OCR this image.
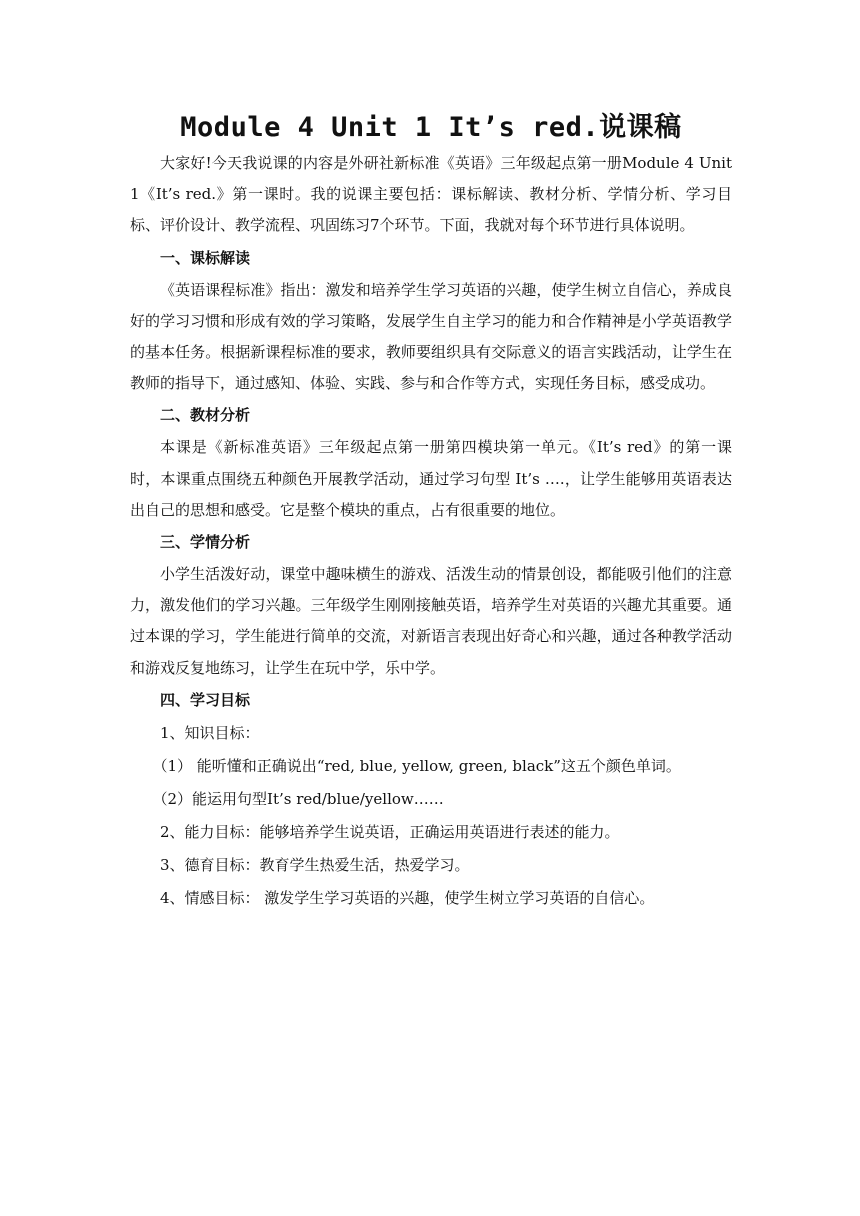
Module 4 Unit 1 It’s red.说课稿

大家好!今天我说课的内容是外研社新标准《英语》三年级起点第一册Module 4 Unit1《It’s red.》第一课时。我的说课主要包括：课标解读、教材分析、学情分析、学习目标、评价设计、教学流程、巩固练习7个环节。下面，我就对每个环节进行具体说明。

一、课标解读

《英语课程标准》指出：激发和培养学生学习英语的兴趣，使学生树立自信心，养成良好的学习习惯和形成有效的学习策略，发展学生自主学习的能力和合作精神是小学英语教学的基本任务。根据新课程标准的要求，教师要组织具有交际意义的语言实践活动，让学生在教师的指导下，通过感知、体验、实践、参与和合作等方式，实现任务目标，感受成功。

二、教材分析

本课是《新标准英语》三年级起点第一册第四模块第一单元。《It’s red》的第一课时，本课重点围绕五种颜色开展教学活动，通过学习句型 It’s ….，让学生能够用英语表达出自己的思想和感受。它是整个模块的重点，占有很重要的地位。

三、学情分析

小学生活泼好动，课堂中趣味横生的游戏、活泼生动的情景创设，都能吸引他们的注意力，激发他们的学习兴趣。三年级学生刚刚接触英语，培养学生对英语的兴趣尤其重要。通过本课的学习，学生能进行简单的交流，对新语言表现出好奇心和兴趣，通过各种教学活动和游戏反复地练习，让学生在玩中学，乐中学。

四、学习目标

1、知识目标：

（1） 能听懂和正确说出“red, blue, yellow, green, black”这五个颜色单词。

（2）能运用句型It’s red/blue/yellow……

2、能力目标：能够培养学生说英语，正确运用英语进行表述的能力。

3、德育目标：教育学生热爱生活，热爱学习。

4、情感目标： 激发学生学习英语的兴趣，使学生树立学习英语的自信心。
